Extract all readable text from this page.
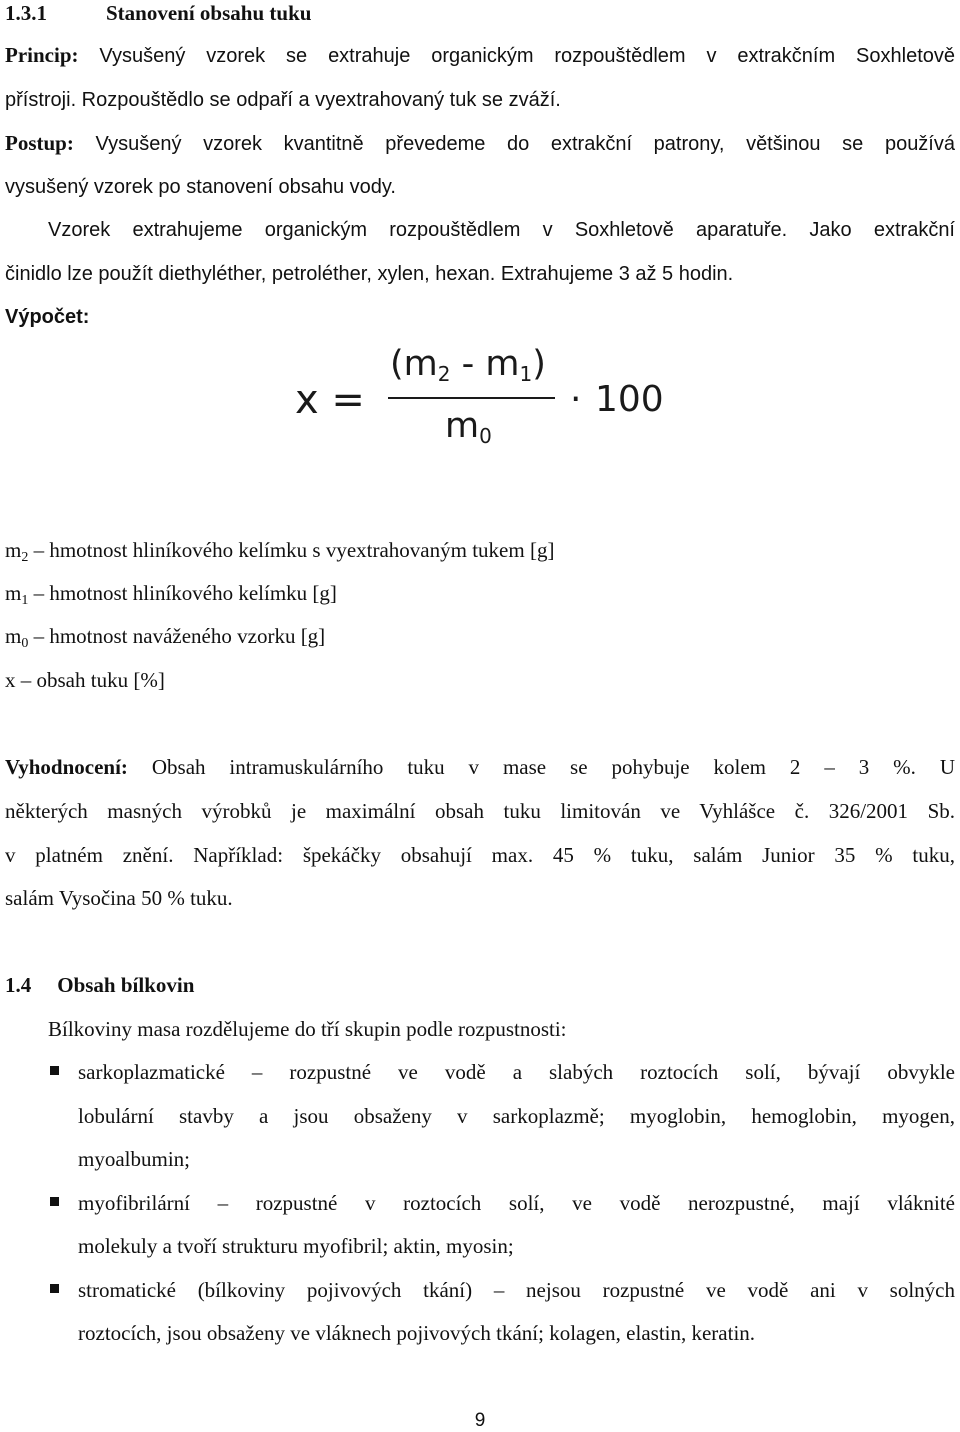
1.3.1	Stanovení obsahu tuku
Princip: Vysušený vzorek se extrahuje organickým rozpouštědlem v extrakčním Soxhletově
přístroji. Rozpouštědlo se odpaří a vyextrahovaný tuk se zváží.
Postup: Vysušený vzorek kvantitně převedeme do extrakční patrony, většinou se používá
vysušený vzorek po stanovení obsahu vody.
Vzorek extrahujeme organickým rozpouštědlem v Soxhletově aparatuře. Jako extrakční
činidlo lze použít diethyléther, petroléther, xylen, hexan. Extrahujeme 3 až 5 hodin.
Výpočet:
x =
$(m_2 - m_1)$
$m_0$
· 100
$m_2$ – hmotnost hliníkového kelímku s vyextrahovaným tukem [g]
$m_1$ – hmotnost hliníkového kelímku [g]
$m_0$ – hmotnost naváženého vzorku [g]
x – obsah tuku [%]
Vyhodnocení: Obsah intramuskulárního tuku v mase se pohybuje kolem 2 – 3 %. U
některých masných výrobků je maximální obsah tuku limitován ve Vyhlášce č. 326/2001 Sb.
v platném znění. Například: špekáčky obsahují max. 45 % tuku, salám Junior 35 % tuku,
salám Vysočina 50 % tuku.
1.4 Obsah bílkovin
Bílkoviny masa rozdělujeme do tří skupin podle rozpustnosti:
sarkoplazmatické – rozpustné ve vodě a slabých roztocích solí, bývají obvykle
lobulární stavby a jsou obsaženy v sarkoplazmě; myoglobin, hemoglobin, myogen,
myoalbumin;
myofibrilární – rozpustné v roztocích solí, ve vodě nerozpustné, mají vláknité
molekuly a tvoří strukturu myofibril; aktin, myosin;
stromatické (bílkoviny pojivových tkání) – nejsou rozpustné ve vodě ani v solných
roztocích, jsou obsaženy ve vláknech pojivových tkání; kolagen, elastin, keratin.
9
